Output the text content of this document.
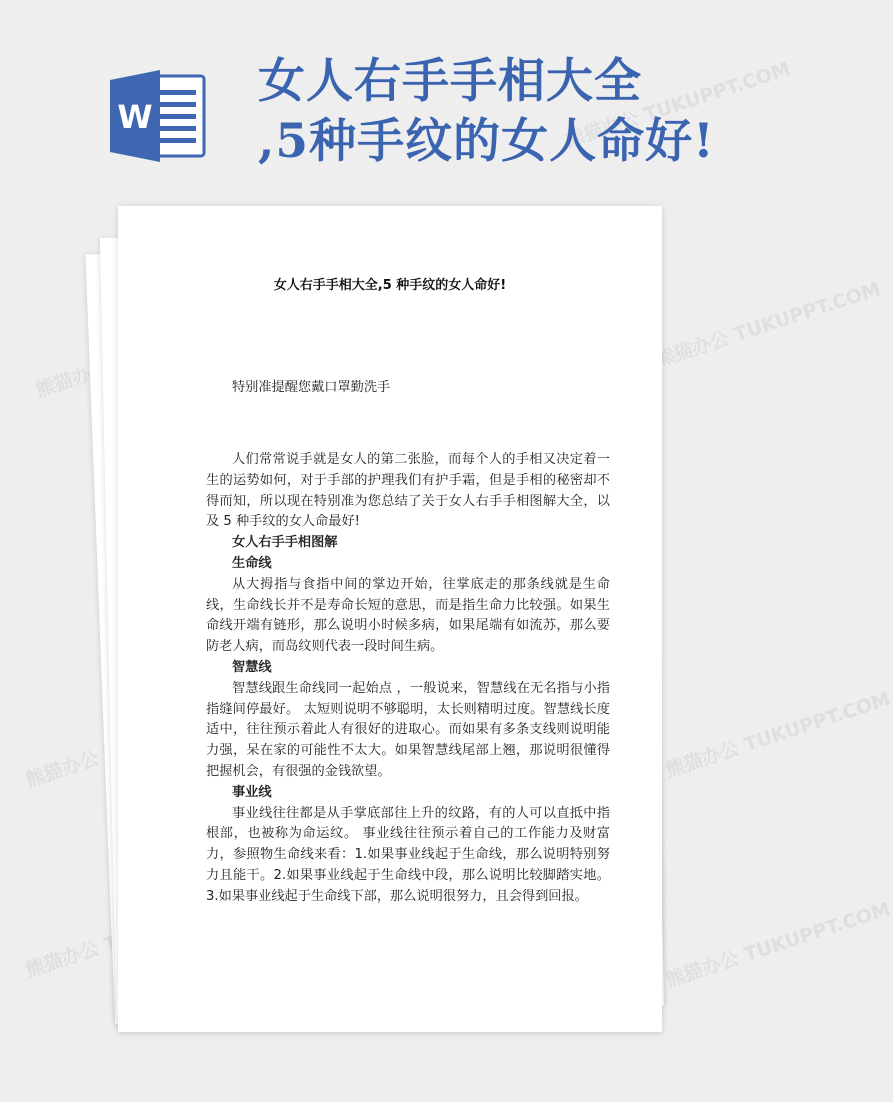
熊猫办公
熊猫办公 TUKUPPT.COM
熊猫办公 TUKUPPT.COM
熊猫办公	熊猫办公 TUKUPPT.COM
熊猫办公	熊猫办公 TUKUPPT.COM
W
女人右手手相大全
,5种手纹的女人命好!

女人右手手相大全,5 种手纹的女人命好!

特别准提醒您戴口罩勤洗手

人们常常说手就是女人的第二张脸，而每个人的手相又决定着一生的运势如何，对于手部的护理我们有护手霜，但是手相的秘密却不得而知，所以现在特别准为您总结了关于女人右手手相图解大全，以及 5 种手纹的女人命最好!

女人右手手相图解

生命线

从大拇指与食指中间的掌边开始，往掌底走的那条线就是生命线，生命线长并不是寿命长短的意思，而是指生命力比较强。如果生命线开端有链形，那么说明小时候多病，如果尾端有如流苏，那么要防老人病，而岛纹则代表一段时间生病。

智慧线

智慧线跟生命线同一起始点 ，一般说来，智慧线在无名指与小指指缝间停最好。 太短则说明不够聪明，太长则精明过度。智慧线长度适中，往往预示着此人有很好的进取心。而如果有多条支线则说明能力强，呆在家的可能性不太大。如果智慧线尾部上翘，那说明很懂得把握机会，有很强的金钱欲望。

事业线

事业线往往都是从手掌底部往上升的纹路，有的人可以直抵中指根部，也被称为命运纹。 事业线往往预示着自己的工作能力及财富力，参照物生命线来看：1.如果事业线起于生命线，那么说明特别努力且能干。2.如果事业线起于生命线中段，那么说明比较脚踏实地。3.如果事业线起于生命线下部，那么说明很努力，且会得到回报。
